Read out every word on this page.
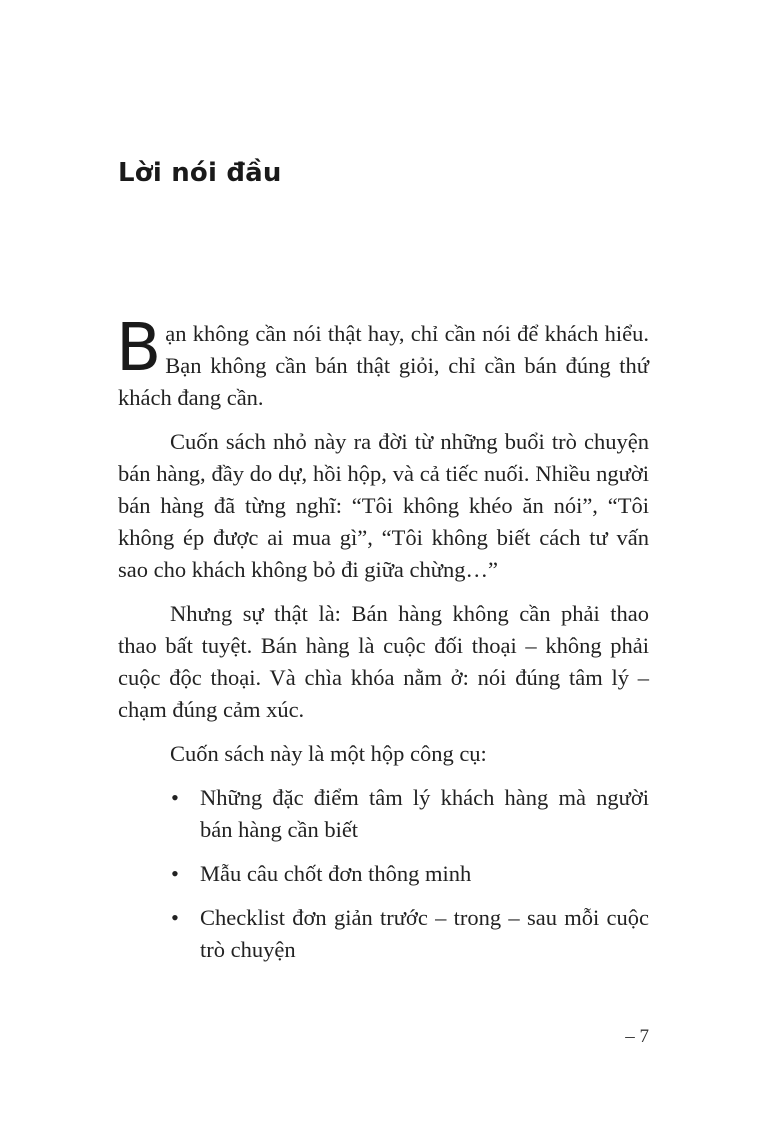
Lời nói đầu

Bạn không cần nói thật hay, chỉ cần nói để khách hiểu. Bạn không cần bán thật giỏi, chỉ cần bán đúng thứ khách đang cần.

Cuốn sách nhỏ này ra đời từ những buổi trò chuyện bán hàng, đầy do dự, hồi hộp, và cả tiếc nuối. Nhiều người bán hàng đã từng nghĩ: “Tôi không khéo ăn nói”, “Tôi không ép được ai mua gì”, “Tôi không biết cách tư vấn sao cho khách không bỏ đi giữa chừng…”

Nhưng sự thật là: Bán hàng không cần phải thao thao bất tuyệt. Bán hàng là cuộc đối thoại – không phải cuộc độc thoại. Và chìa khóa nằm ở: nói đúng tâm lý – chạm đúng cảm xúc.

Cuốn sách này là một hộp công cụ:

• Những đặc điểm tâm lý khách hàng mà người bán hàng cần biết
• Mẫu câu chốt đơn thông minh
• Checklist đơn giản trước – trong – sau mỗi cuộc trò chuyện
– 7
